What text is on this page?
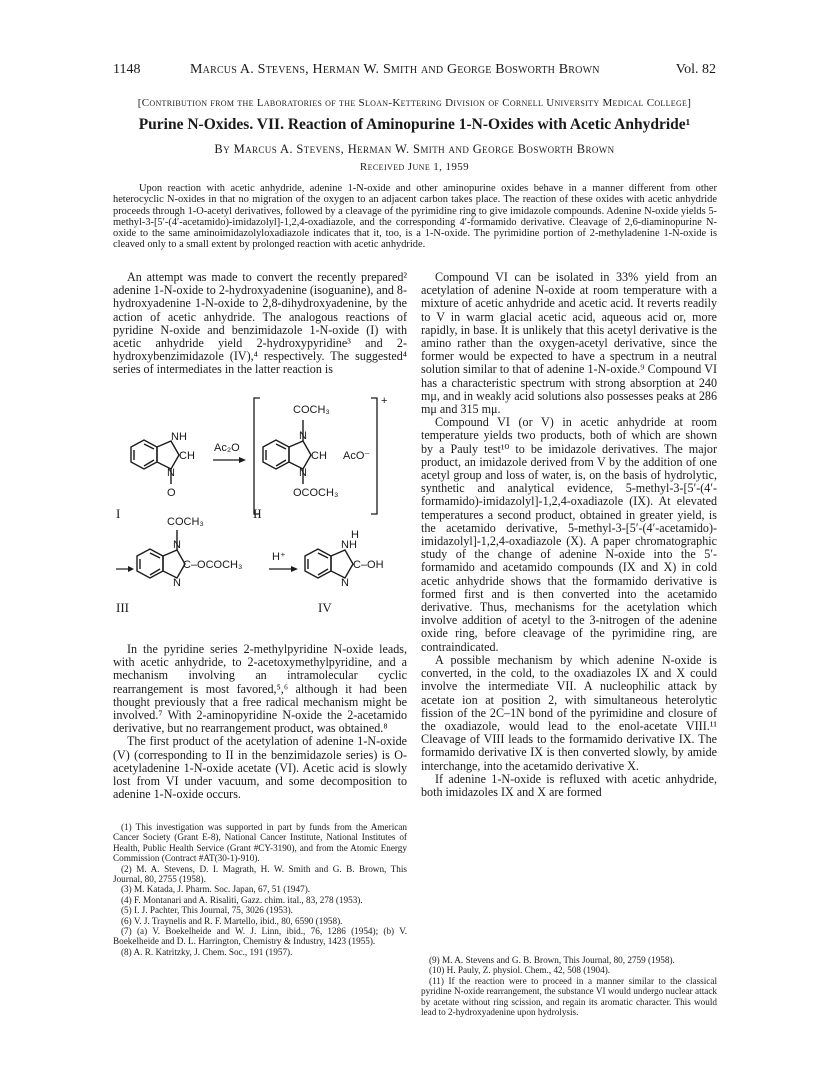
1148	Marcus A. Stevens, Herman W. Smith and George Bosworth Brown	Vol. 82
[Contribution from the Laboratories of the Sloan-Kettering Division of Cornell University Medical College]
Purine N-Oxides. VII. Reaction of Aminopurine 1-N-Oxides with Acetic Anhydride¹
By Marcus A. Stevens, Herman W. Smith and George Bosworth Brown
Received June 1, 1959
Upon reaction with acetic anhydride, adenine 1-N-oxide and other aminopurine oxides behave in a manner different from other heterocyclic N-oxides in that no migration of the oxygen to an adjacent carbon takes place. The reaction of these oxides with acetic anhydride proceeds through 1-O-acetyl derivatives, followed by a cleavage of the pyrimidine ring to give imidazole compounds. Adenine N-oxide yields 5-methyl-3-[5′-(4′-acetamido)-imidazolyl]-1,2,4-oxadiazole, and the corresponding 4′-formamido derivative. Cleavage of 2,6-diaminopurine N-oxide to the same aminoimidazolyloxadiazole indicates that it, too, is a 1-N-oxide. The pyrimidine portion of 2-methyladenine 1-N-oxide is cleaved only to a small extent by prolonged reaction with acetic anhydride.

An attempt was made to convert the recently prepared² adenine 1-N-oxide to 2-hydroxyadenine (isoguanine), and 8-hydroxyadenine 1-N-oxide to 2,8-dihydroxyadenine, by the action of acetic anhydride. The analogous reactions of pyridine N-oxide and benzimidazole 1-N-oxide (I) with acetic anhydride yield 2-hydroxypyridine³ and 2-hydroxybenzimidazole (IV),⁴ respectively. The suggested⁴ series of intermediates in the latter reaction is

NH
CH
N
O
Ac₂O
+
COCH₃
N
CH
N
OCOCH₃
AcO⁻
I	II
COCH₃
N
C–OCOCH₃
N
H⁺
H
NH
C–OH
N
III	IV

In the pyridine series 2-methylpyridine N-oxide leads, with acetic anhydride, to 2-acetoxymethylpyridine, and a mechanism involving an intramolecular cyclic rearrangement is most favored,⁵,⁶ although it had been thought previously that a free radical mechanism might be involved.⁷ With 2-aminopyridine N-oxide the 2-acetamido derivative, but no rearrangement product, was obtained.⁸

The first product of the acetylation of adenine 1-N-oxide (V) (corresponding to II in the benzimidazole series) is O-acetyladenine 1-N-oxide acetate (VI). Acetic acid is slowly lost from VI under vacuum, and some decomposition to adenine 1-N-oxide occurs.

Compound VI can be isolated in 33% yield from an acetylation of adenine N-oxide at room temperature with a mixture of acetic anhydride and acetic acid. It reverts readily to V in warm glacial acetic acid, aqueous acid or, more rapidly, in base. It is unlikely that this acetyl derivative is the amino rather than the oxygen-acetyl derivative, since the former would be expected to have a spectrum in a neutral solution similar to that of adenine 1-N-oxide.⁹ Compound VI has a characteristic spectrum with strong absorption at 240 mμ, and in weakly acid solutions also possesses peaks at 286 mμ and 315 mμ.

Compound VI (or V) in acetic anhydride at room temperature yields two products, both of which are shown by a Pauly test¹⁰ to be imidazole derivatives. The major product, an imidazole derived from V by the addition of one acetyl group and loss of water, is, on the basis of hydrolytic, synthetic and analytical evidence, 5-methyl-3-[5′-(4′-formamido)-imidazolyl]-1,2,4-oxadiazole (IX). At elevated temperatures a second product, obtained in greater yield, is the acetamido derivative, 5-methyl-3-[5′-(4′-acetamido)-imidazolyl]-1,2,4-oxadiazole (X). A paper chromatographic study of the change of adenine N-oxide into the 5′-formamido and acetamido compounds (IX and X) in cold acetic anhydride shows that the formamido derivative is formed first and is then converted into the acetamido derivative. Thus, mechanisms for the acetylation which involve addition of acetyl to the 3-nitrogen of the adenine oxide ring, before cleavage of the pyrimidine ring, are contraindicated.

A possible mechanism by which adenine N-oxide is converted, in the cold, to the oxadiazoles IX and X could involve the intermediate VII. A nucleophilic attack by acetate ion at position 2, with simultaneous heterolytic fission of the 2C–1N bond of the pyrimidine and closure of the oxadiazole, would lead to the enol-acetate VIII.¹¹ Cleavage of VIII leads to the formamido derivative IX. The formamido derivative IX is then converted slowly, by amide interchange, into the acetamido derivative X.

If adenine 1-N-oxide is refluxed with acetic anhydride, both imidazoles IX and X are formed

(1) This investigation was supported in part by funds from the American Cancer Society (Grant E-8), National Cancer Institute, National Institutes of Health, Public Health Service (Grant #CY-3190), and from the Atomic Energy Commission (Contract #AT(30-1)-910).

(2) M. A. Stevens, D. I. Magrath, H. W. Smith and G. B. Brown, This Journal, 80, 2755 (1958).

(3) M. Katada, J. Pharm. Soc. Japan, 67, 51 (1947).

(4) F. Montanari and A. Risaliti, Gazz. chim. ital., 83, 278 (1953).

(5) I. J. Pachter, This Journal, 75, 3026 (1953).

(6) V. J. Traynelis and R. F. Martello, ibid., 80, 6590 (1958).

(7) (a) V. Boekelheide and W. J. Linn, ibid., 76, 1286 (1954); (b) V. Boekelheide and D. L. Harrington, Chemistry & Industry, 1423 (1955).

(8) A. R. Katritzky, J. Chem. Soc., 191 (1957).

(9) M. A. Stevens and G. B. Brown, This Journal, 80, 2759 (1958).

(10) H. Pauly, Z. physiol. Chem., 42, 508 (1904).

(11) If the reaction were to proceed in a manner similar to the classical pyridine N-oxide rearrangement, the substance VI would undergo nuclear attack by acetate without ring scission, and regain its aromatic character. This would lead to 2-hydroxyadenine upon hydrolysis.
